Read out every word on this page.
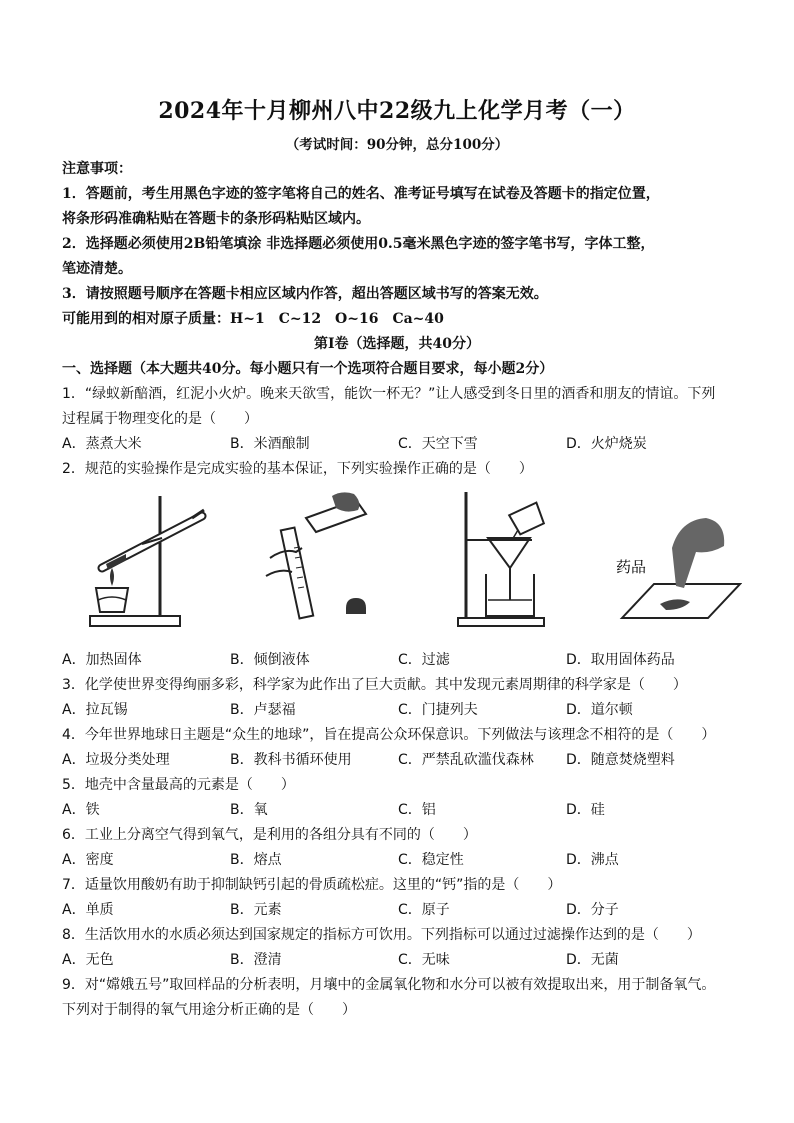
2024年十月柳州八中22级九上化学月考（一）
（考试时间：90分钟，总分100分）
注意事项：
1．答题前，考生用黑色字迹的签字笔将自己的姓名、准考证号填写在试卷及答题卡的指定位置，
将条形码准确粘贴在答题卡的条形码粘贴区域内。
2．选择题必须使用2B铅笔填涂 非选择题必须使用0.5毫米黑色字迹的签字笔书写，字体工整，
笔迹清楚。
3．请按照题号顺序在答题卡相应区域内作答，超出答题区域书写的答案无效。
可能用到的相对原子质量：H~1　C~12　O~16　Ca~40
第Ⅰ卷（选择题，共40分）
一、选择题（本大题共40分。每小题只有一个选项符合题目要求，每小题2分）
1．“绿蚁新醅酒，红泥小火炉。晚来天欲雪，能饮一杯无？”让人感受到冬日里的酒香和朋友的情谊。下列
过程属于物理变化的是（　　）
A．蒸煮大米	B．米酒酿制	C．天空下雪	D．火炉烧炭
2．规范的实验操作是完成实验的基本保证，下列实验操作正确的是（　　）
药品
A．加热固体	B．倾倒液体	C．过滤	D．取用固体药品
3．化学使世界变得绚丽多彩，科学家为此作出了巨大贡献。其中发现元素周期律的科学家是（　　）
A．拉瓦锡	B．卢瑟福	C．门捷列夫	D．道尔顿
4．今年世界地球日主题是“众生的地球”，旨在提高公众环保意识。下列做法与该理念不相符的是（　　）
A．垃圾分类处理	B．教科书循环使用	C．严禁乱砍滥伐森林 D．随意焚烧塑料
5．地壳中含量最高的元素是（　　）
A．铁	B．氧	C．铝	D．硅
6．工业上分离空气得到氧气，是利用的各组分具有不同的（　　）
A．密度	B．熔点	C．稳定性	D．沸点
7．适量饮用酸奶有助于抑制缺钙引起的骨质疏松症。这里的“钙”指的是（　　）
A．单质	B．元素	C．原子	D．分子
8．生活饮用水的水质必须达到国家规定的指标方可饮用。下列指标可以通过过滤操作达到的是（　　）
A．无色	B．澄清	C．无味	D．无菌
9．对“嫦娥五号”取回样品的分析表明，月壤中的金属氧化物和水分可以被有效提取出来，用于制备氧气。
下列对于制得的氧气用途分析正确的是（　　）
